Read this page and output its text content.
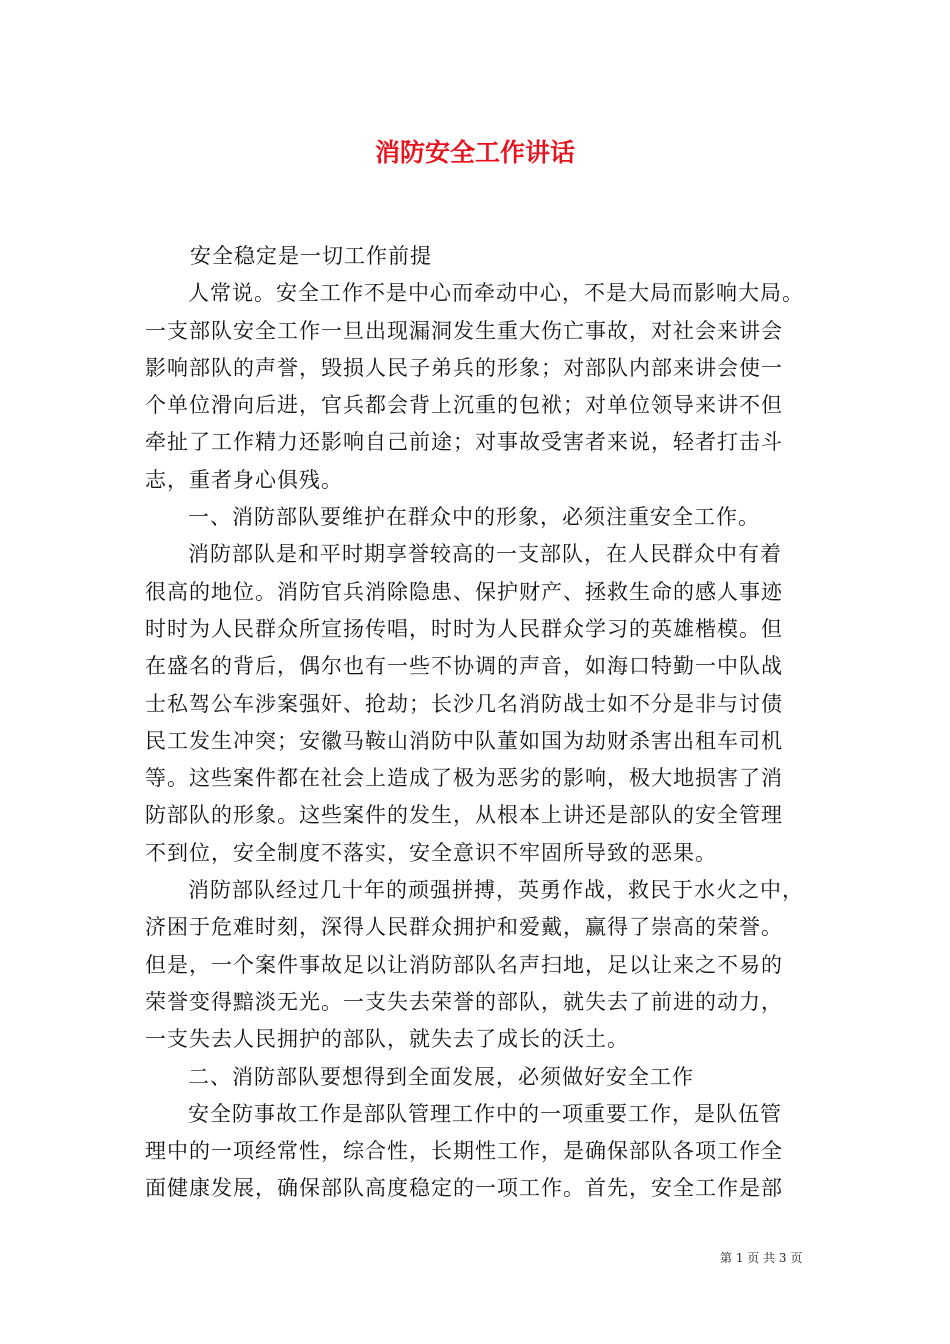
消防安全工作讲话
安全稳定是一切工作前提
人常说。安全工作不是中心而牵动中心，不是大局而影响大局。
一支部队安全工作一旦出现漏洞发生重大伤亡事故，对社会来讲会
影响部队的声誉，毁损人民子弟兵的形象；对部队内部来讲会使一
个单位滑向后进，官兵都会背上沉重的包袱；对单位领导来讲不但
牵扯了工作精力还影响自己前途；对事故受害者来说，轻者打击斗
志，重者身心俱残。
一、消防部队要维护在群众中的形象，必须注重安全工作。
消防部队是和平时期享誉较高的一支部队，在人民群众中有着
很高的地位。消防官兵消除隐患、保护财产、拯救生命的感人事迹
时时为人民群众所宣扬传唱，时时为人民群众学习的英雄楷模。但
在盛名的背后，偶尔也有一些不协调的声音，如海口特勤一中队战
士私驾公车涉案强奸、抢劫；长沙几名消防战士如不分是非与讨债
民工发生冲突；安徽马鞍山消防中队董如国为劫财杀害出租车司机
等。这些案件都在社会上造成了极为恶劣的影响，极大地损害了消
防部队的形象。这些案件的发生，从根本上讲还是部队的安全管理
不到位，安全制度不落实，安全意识不牢固所导致的恶果。
消防部队经过几十年的顽强拼搏，英勇作战，救民于水火之中，
济困于危难时刻，深得人民群众拥护和爱戴，赢得了崇高的荣誉。
但是，一个案件事故足以让消防部队名声扫地，足以让来之不易的
荣誉变得黯淡无光。一支失去荣誉的部队，就失去了前进的动力，
一支失去人民拥护的部队，就失去了成长的沃土。
二、消防部队要想得到全面发展，必须做好安全工作
安全防事故工作是部队管理工作中的一项重要工作，是队伍管
理中的一项经常性，综合性，长期性工作，是确保部队各项工作全
面健康发展，确保部队高度稳定的一项工作。首先，安全工作是部
第 1 页 共 3 页
